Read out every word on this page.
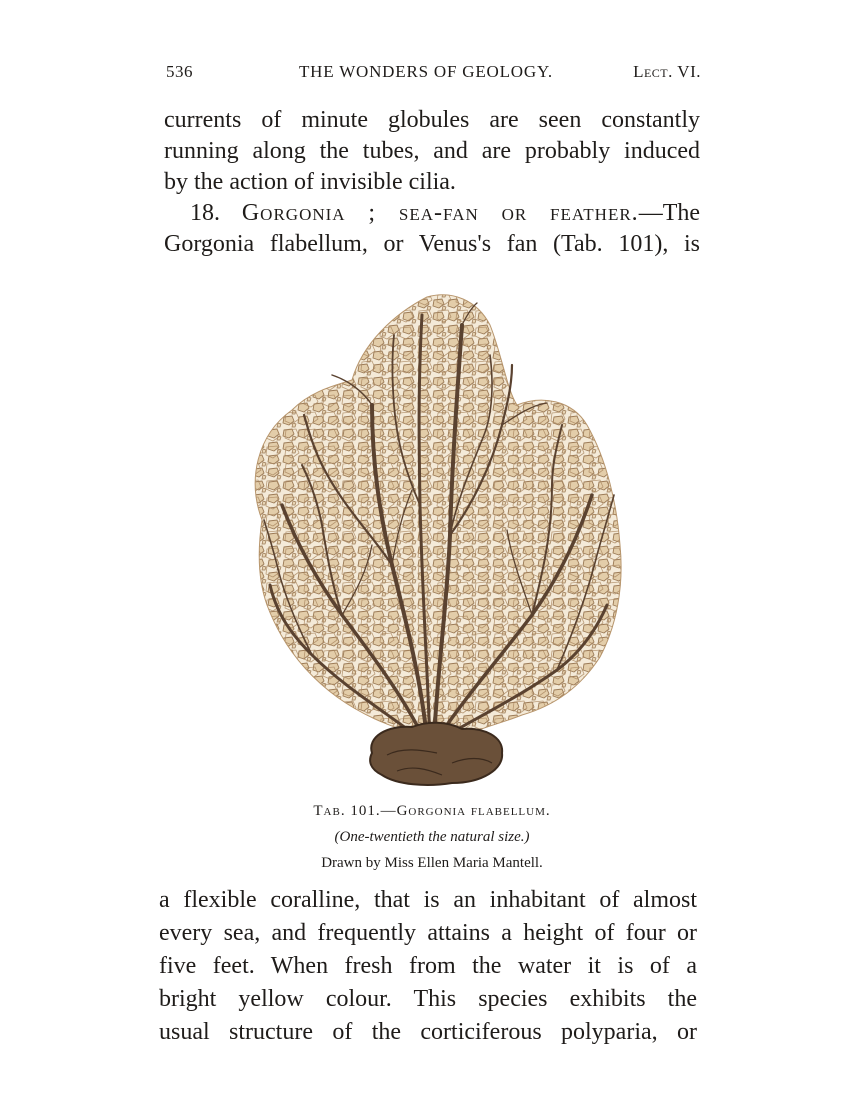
536	THE WONDERS OF GEOLOGY.	Lect. VI.
currents of minute globules are seen constantly
running along the tubes, and are probably induced
by the action of invisible cilia.
18. Gorgonia ; sea-fan or feather.—The
Gorgonia flabellum, or Venus's fan (Tab. 101), is
Tab. 101.—Gorgonia flabellum.
(One-twentieth the natural size.)
Drawn by Miss Ellen Maria Mantell.
a flexible coralline, that is an inhabitant of almost
every sea, and frequently attains a height of four or
five feet. When fresh from the water it is of a
bright yellow colour. This species exhibits the
usual structure of the corticiferous polyparia, or
